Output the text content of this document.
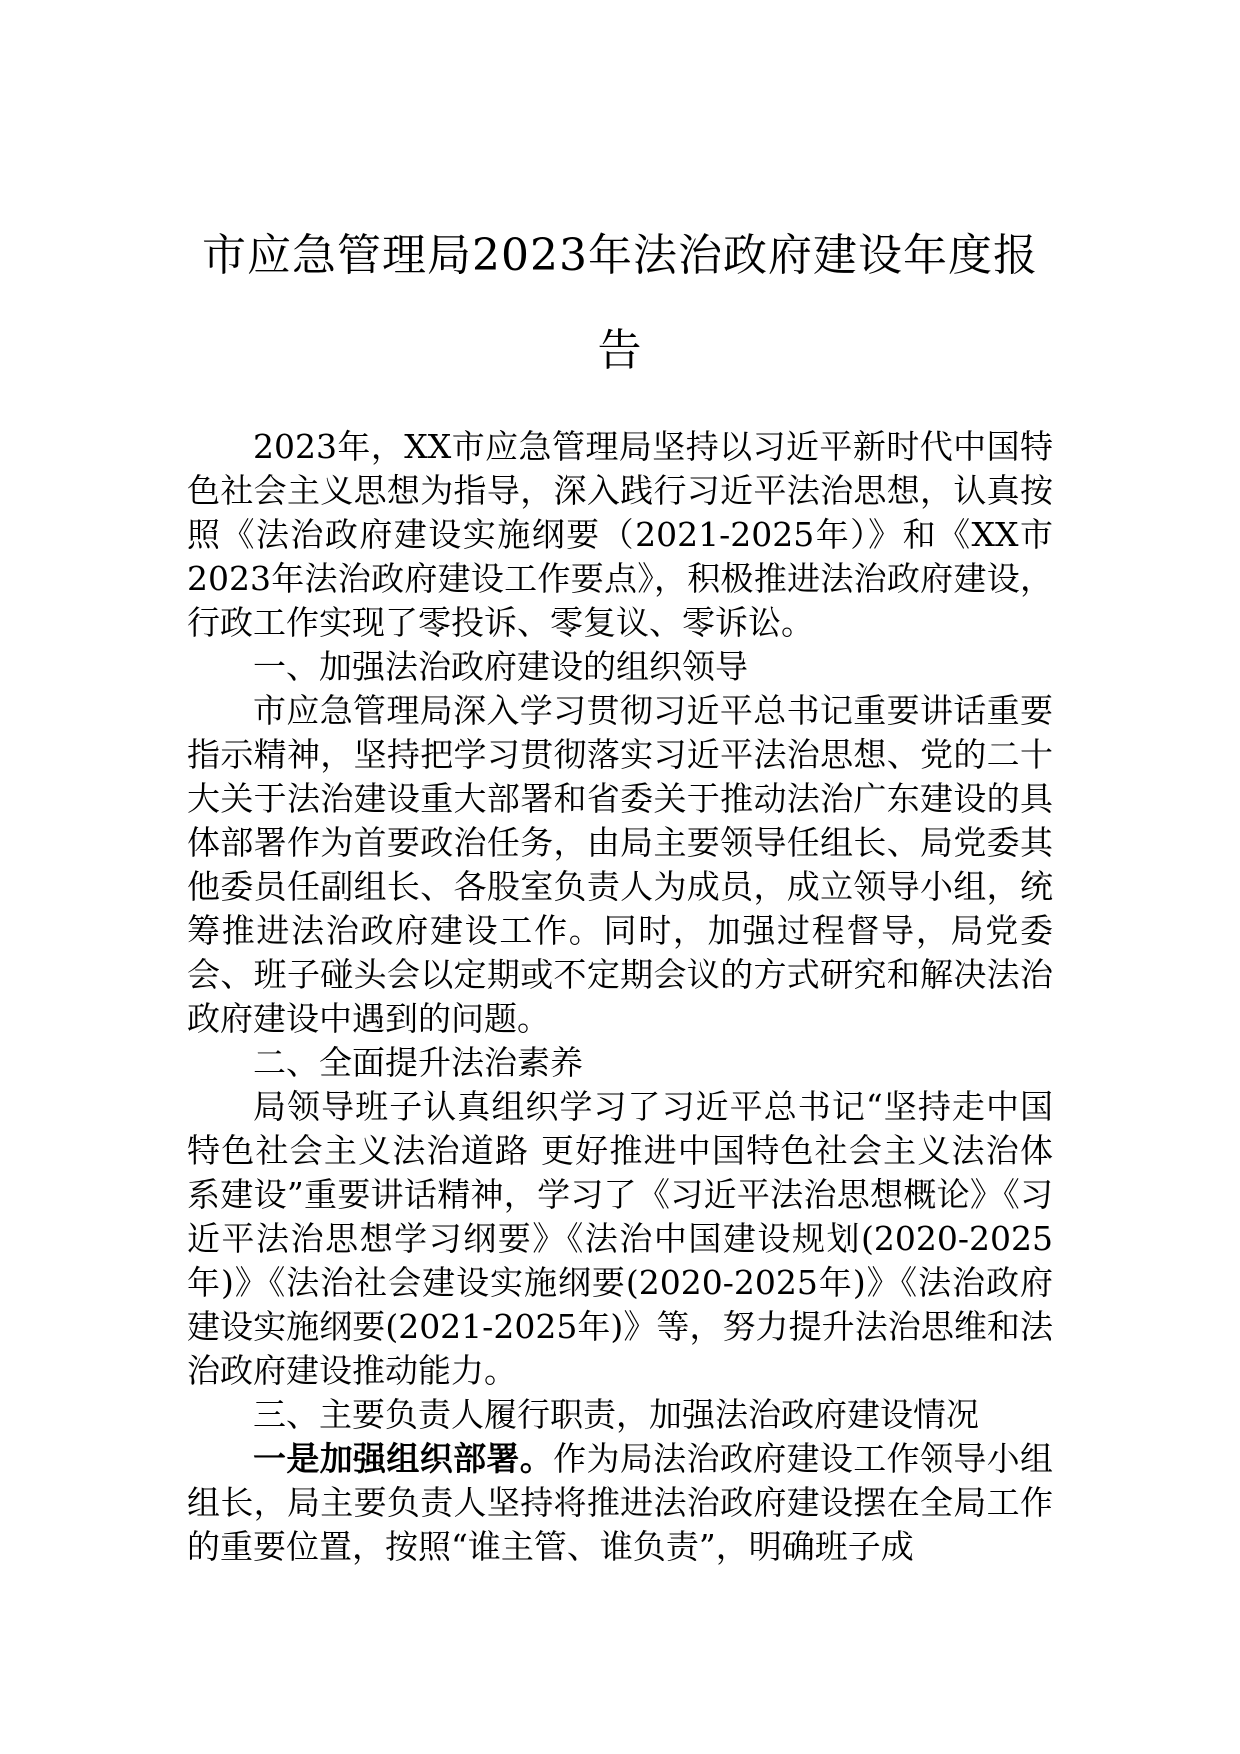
市应急管理局2023年法治政府建设年度报告

2023年，XX市应急管理局坚持以习近平新时代中国特色社会主义思想为指导，深入践行习近平法治思想，认真按照《法治政府建设实施纲要（2021-2025年）》和《XX市2023年法治政府建设工作要点》，积极推进法治政府建设，行政工作实现了零投诉、零复议、零诉讼。

一、加强法治政府建设的组织领导

市应急管理局深入学习贯彻习近平总书记重要讲话重要指示精神，坚持把学习贯彻落实习近平法治思想、党的二十大关于法治建设重大部署和省委关于推动法治广东建设的具体部署作为首要政治任务，由局主要领导任组长、局党委其他委员任副组长、各股室负责人为成员，成立领导小组，统筹推进法治政府建设工作。同时，加强过程督导，局党委会、班子碰头会以定期或不定期会议的方式研究和解决法治政府建设中遇到的问题。

二、全面提升法治素养

局领导班子认真组织学习了习近平总书记“坚持走中国特色社会主义法治道路 更好推进中国特色社会主义法治体系建设”重要讲话精神，学习了《习近平法治思想概论》《习近平法治思想学习纲要》《法治中国建设规划(2020-2025年)》《法治社会建设实施纲要(2020-2025年)》《法治政府建设实施纲要(2021-2025年)》等，努力提升法治思维和法治政府建设推动能力。

三、主要负责人履行职责，加强法治政府建设情况

一是加强组织部署。作为局法治政府建设工作领导小组组长，局主要负责人坚持将推进法治政府建设摆在全局工作的重要位置，按照“谁主管、谁负责”，明确班子成
